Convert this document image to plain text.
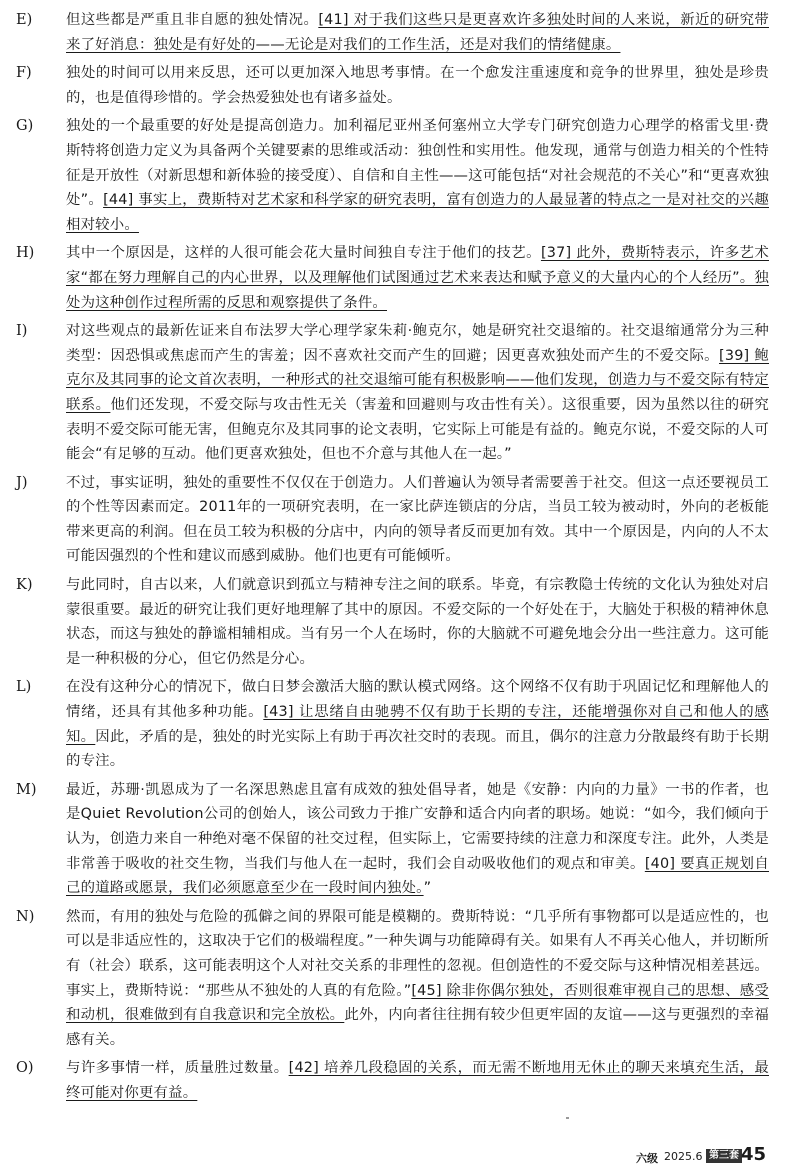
E)	但这些都是严重且非自愿的独处情况。[41] 对于我们这些只是更喜欢许多独处时间的人来说，新近的研究带来了好消息：独处是有好处的——无论是对我们的工作生活，还是对我们的情绪健康。
F)	独处的时间可以用来反思，还可以更加深入地思考事情。在一个愈发注重速度和竞争的世界里，独处是珍贵的，也是值得珍惜的。学会热爱独处也有诸多益处。
G)	独处的一个最重要的好处是提高创造力。加利福尼亚州圣何塞州立大学专门研究创造力心理学的格雷戈里·费斯特将创造力定义为具备两个关键要素的思维或活动：独创性和实用性。他发现，通常与创造力相关的个性特征是开放性（对新思想和新体验的接受度）、自信和自主性——这可能包括“对社会规范的不关心”和“更喜欢独处”。[44] 事实上，费斯特对艺术家和科学家的研究表明，富有创造力的人最显著的特点之一是对社交的兴趣相对较小。
H)	其中一个原因是，这样的人很可能会花大量时间独自专注于他们的技艺。[37] 此外，费斯特表示，许多艺术家“都在努力理解自己的内心世界，以及理解他们试图通过艺术来表达和赋予意义的大量内心的个人经历”。独处为这种创作过程所需的反思和观察提供了条件。
I)	对这些观点的最新佐证来自布法罗大学心理学家朱莉·鲍克尔，她是研究社交退缩的。社交退缩通常分为三种类型：因恐惧或焦虑而产生的害羞；因不喜欢社交而产生的回避；因更喜欢独处而产生的不爱交际。[39] 鲍克尔及其同事的论文首次表明，一种形式的社交退缩可能有积极影响——他们发现，创造力与不爱交际有特定联系。他们还发现，不爱交际与攻击性无关（害羞和回避则与攻击性有关）。这很重要，因为虽然以往的研究表明不爱交际可能无害，但鲍克尔及其同事的论文表明，它实际上可能是有益的。鲍克尔说，不爱交际的人可能会“有足够的互动。他们更喜欢独处，但也不介意与其他人在一起。”
J)	不过，事实证明，独处的重要性不仅仅在于创造力。人们普遍认为领导者需要善于社交。但这一点还要视员工的个性等因素而定。2011年的一项研究表明，在一家比萨连锁店的分店，当员工较为被动时，外向的老板能带来更高的利润。但在员工较为积极的分店中，内向的领导者反而更加有效。其中一个原因是，内向的人不太可能因强烈的个性和建议而感到威胁。他们也更有可能倾听。
K)	与此同时，自古以来，人们就意识到孤立与精神专注之间的联系。毕竟，有宗教隐士传统的文化认为独处对启蒙很重要。最近的研究让我们更好地理解了其中的原因。不爱交际的一个好处在于，大脑处于积极的精神休息状态，而这与独处的静谧相辅相成。当有另一个人在场时，你的大脑就不可避免地会分出一些注意力。这可能是一种积极的分心，但它仍然是分心。
L)	在没有这种分心的情况下，做白日梦会激活大脑的默认模式网络。这个网络不仅有助于巩固记忆和理解他人的情绪，还具有其他多种功能。[43] 让思绪自由驰骋不仅有助于长期的专注，还能增强你对自己和他人的感知。因此，矛盾的是，独处的时光实际上有助于再次社交时的表现。而且，偶尔的注意力分散最终有助于长期的专注。
M)	最近，苏珊·凯恩成为了一名深思熟虑且富有成效的独处倡导者，她是《安静：内向的力量》一书的作者，也是Quiet Revolution公司的创始人，该公司致力于推广安静和适合内向者的职场。她说：“如今，我们倾向于认为，创造力来自一种绝对毫不保留的社交过程，但实际上，它需要持续的注意力和深度专注。此外，人类是非常善于吸收的社交生物，当我们与他人在一起时，我们会自动吸收他们的观点和审美。[40] 要真正规划自己的道路或愿景，我们必须愿意至少在一段时间内独处。”
N)	然而，有用的独处与危险的孤僻之间的界限可能是模糊的。费斯特说：“几乎所有事物都可以是适应性的，也可以是非适应性的，这取决于它们的极端程度。”一种失调与功能障碍有关。如果有人不再关心他人，并切断所有（社会）联系，这可能表明这个人对社交关系的非理性的忽视。但创造性的不爱交际与这种情况相差甚远。事实上，费斯特说：“那些从不独处的人真的有危险。”[45] 除非你偶尔独处，否则很难审视自己的思想、感受和动机，很难做到有自我意识和完全放松。此外，内向者往往拥有较少但更牢固的友谊——这与更强烈的幸福感有关。
O)	与许多事情一样，质量胜过数量。[42] 培养几段稳固的关系，而无需不断地用无休止的聊天来填充生活，最终可能对你更有益。
六级 2025.6 第三套 45
